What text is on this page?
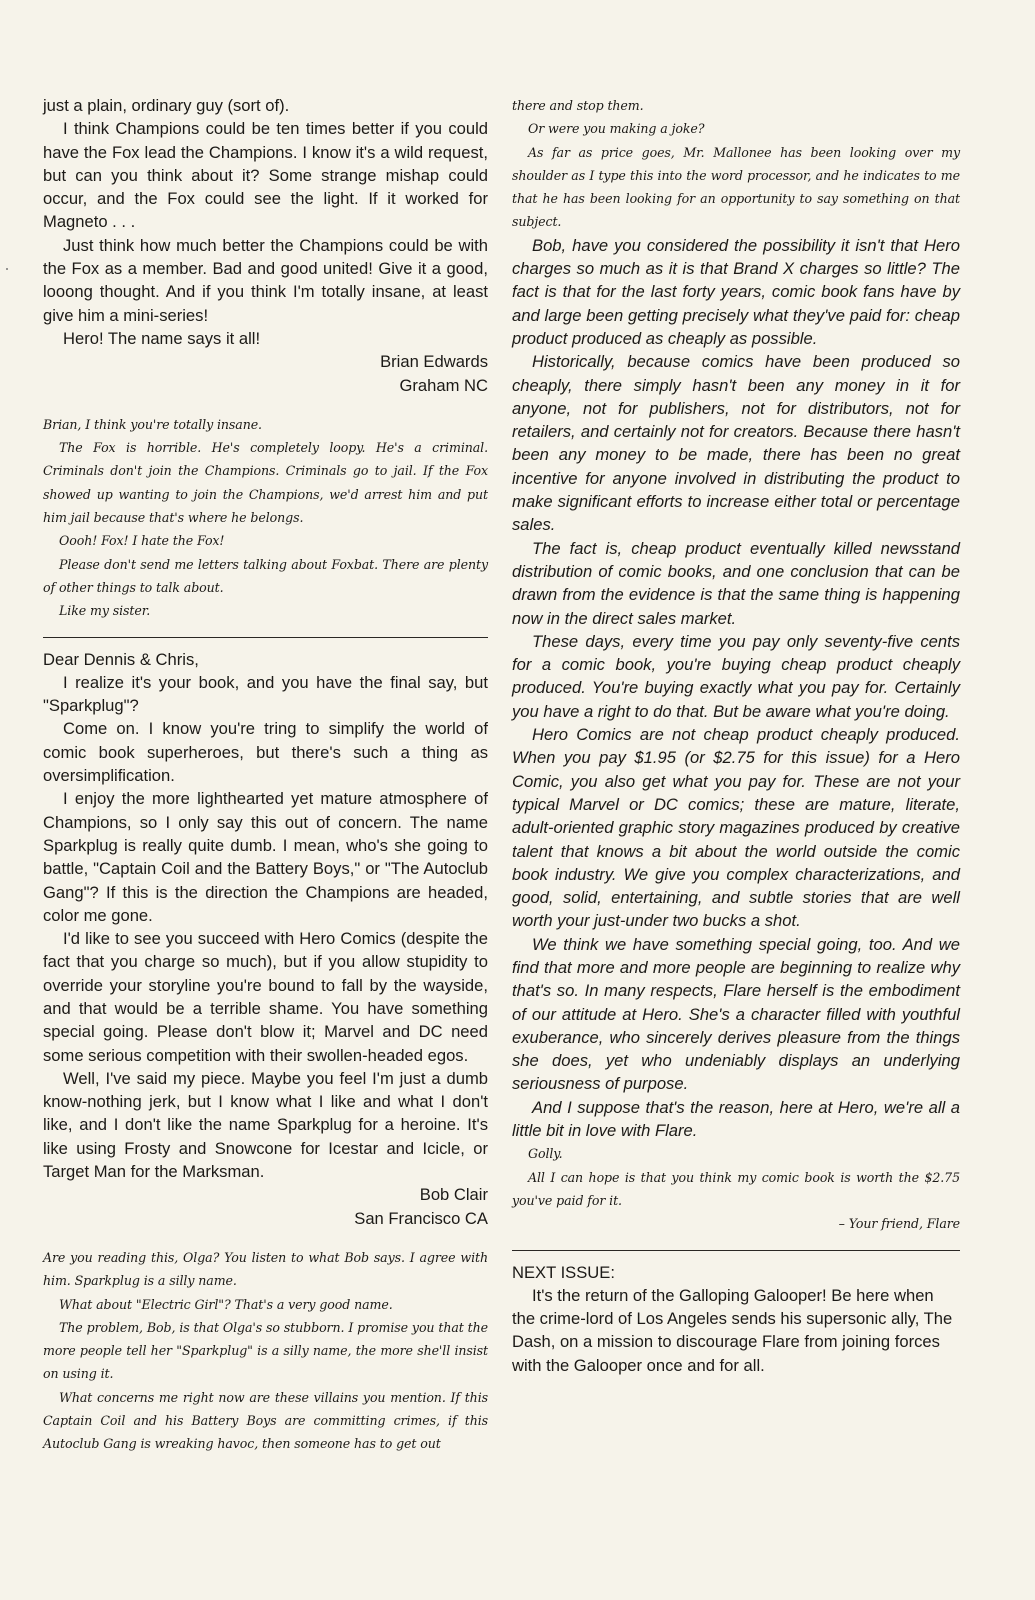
just a plain, ordinary guy (sort of).

I think Champions could be ten times better if you could have the Fox lead the Champions. I know it's a wild request, but can you think about it? Some strange mishap could occur, and the Fox could see the light. If it worked for Magneto . . .

Just think how much better the Champions could be with the Fox as a member. Bad and good united! Give it a good, looong thought. And if you think I'm totally insane, at least give him a mini-series!

Hero! The name says it all!

Brian Edwards
Graham NC

Brian, I think you're totally insane.

The Fox is horrible. He's completely loopy. He's a criminal. Criminals don't join the Champions. Criminals go to jail. If the Fox showed up wanting to join the Champions, we'd arrest him and put him jail because that's where he belongs.

Oooh! Fox! I hate the Fox!

Please don't send me letters talking about Foxbat. There are plenty of other things to talk about.

Like my sister.

Dear Dennis & Chris,

I realize it's your book, and you have the final say, but "Sparkplug"?

Come on. I know you're tring to simplify the world of comic book superheroes, but there's such a thing as oversimplification.

I enjoy the more lighthearted yet mature atmosphere of Champions, so I only say this out of concern. The name Sparkplug is really quite dumb. I mean, who's she going to battle, "Captain Coil and the Battery Boys," or "The Autoclub Gang"? If this is the direction the Champions are headed, color me gone.

I'd like to see you succeed with Hero Comics (despite the fact that you charge so much), but if you allow stupidity to override your storyline you're bound to fall by the wayside, and that would be a terrible shame. You have something special going. Please don't blow it; Marvel and DC need some serious competition with their swollen-headed egos.

Well, I've said my piece. Maybe you feel I'm just a dumb know-nothing jerk, but I know what I like and what I don't like, and I don't like the name Sparkplug for a heroine. It's like using Frosty and Snowcone for Icestar and Icicle, or Target Man for the Marksman.

Bob Clair
San Francisco CA

Are you reading this, Olga? You listen to what Bob says. I agree with him. Sparkplug is a silly name.

What about "Electric Girl"? That's a very good name.

The problem, Bob, is that Olga's so stubborn. I promise you that the more people tell her "Sparkplug" is a silly name, the more she'll insist on using it.

What concerns me right now are these villains you mention. If this Captain Coil and his Battery Boys are committing crimes, if this Autoclub Gang is wreaking havoc, then someone has to get out

there and stop them.

Or were you making a joke?

As far as price goes, Mr. Mallonee has been looking over my shoulder as I type this into the word processor, and he indicates to me that he has been looking for an opportunity to say something on that subject.

Bob, have you considered the possibility it isn't that Hero charges so much as it is that Brand X charges so little? The fact is that for the last forty years, comic book fans have by and large been getting precisely what they've paid for: cheap product produced as cheaply as possible.

Historically, because comics have been produced so cheaply, there simply hasn't been any money in it for anyone, not for publishers, not for distributors, not for retailers, and certainly not for creators. Because there hasn't been any money to be made, there has been no great incentive for anyone involved in distributing the product to make significant efforts to increase either total or percentage sales.

The fact is, cheap product eventually killed newsstand distribution of comic books, and one conclusion that can be drawn from the evidence is that the same thing is happening now in the direct sales market.

These days, every time you pay only seventy-five cents for a comic book, you're buying cheap product cheaply produced. You're buying exactly what you pay for. Certainly you have a right to do that. But be aware what you're doing.

Hero Comics are not cheap product cheaply produced. When you pay $1.95 (or $2.75 for this issue) for a Hero Comic, you also get what you pay for. These are not your typical Marvel or DC comics; these are mature, literate, adult-oriented graphic story magazines produced by creative talent that knows a bit about the world outside the comic book industry. We give you complex characterizations, and good, solid, entertaining, and subtle stories that are well worth your just-under two bucks a shot.

We think we have something special going, too. And we find that more and more people are beginning to realize why that's so. In many respects, Flare herself is the embodiment of our attitude at Hero. She's a character filled with youthful exuberance, who sincerely derives pleasure from the things she does, yet who undeniably displays an underlying seriousness of purpose.

And I suppose that's the reason, here at Hero, we're all a little bit in love with Flare.

Golly.

All I can hope is that you think my comic book is worth the $2.75 you've paid for it.

– Your friend, Flare

NEXT ISSUE:

It's the return of the Galloping Galooper! Be here when the crime-lord of Los Angeles sends his supersonic ally, The Dash, on a mission to discourage Flare from joining forces with the Galooper once and for all.
